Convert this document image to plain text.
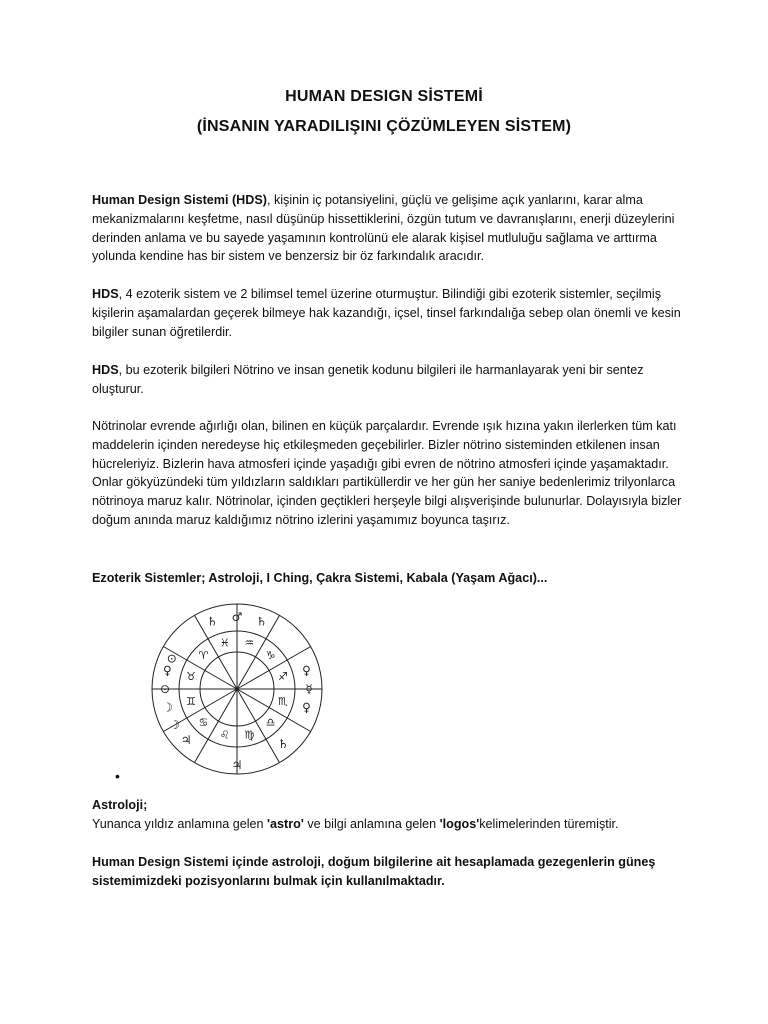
HUMAN DESIGN SİSTEMİ
(İNSANIN YARADILIŞINI ÇÖZÜMLEYEN SİSTEM)
Human Design Sistemi (HDS), kişinin iç potansiyelini, güçlü ve gelişime açık yanlarını, karar alma mekanizmalarını keşfetme, nasıl düşünüp hissettiklerini, özgün tutum ve davranışlarını, enerji düzeylerini derinden anlama ve bu sayede yaşamının kontrolünü ele alarak kişisel mutluluğu sağlama ve arttırma yolunda kendine has bir sistem ve benzersiz bir öz farkındalık aracıdır.
HDS, 4 ezoterik sistem ve 2 bilimsel temel üzerine oturmuştur. Bilindiği gibi ezoterik sistemler, seçilmiş kişilerin aşamalardan geçerek bilmeye hak kazandığı, içsel, tinsel farkındalığa sebep olan önemli ve kesin bilgiler sunan öğretilerdir.
HDS, bu ezoterik bilgileri Nötrino ve insan genetik kodunu bilgileri ile harmanlayarak yeni bir sentez oluşturur.
Nötrinolar evrende ağırlığı olan, bilinen en küçük parçalardır. Evrende ışık hızına yakın ilerlerken tüm katı maddelerin içinden neredeyse hiç etkileşmeden geçebilirler. Bizler nötrino sisteminden etkilenen insan hücreleriyiz. Bizlerin hava atmosferi içinde yaşadığı gibi evren de nötrino atmosferi içinde yaşamaktadır. Onlar gökyüzündeki tüm yıldızların saldıkları partiküllerdir ve her gün her saniye bedenlerimiz trilyonlarca nötrinoya maruz kalır. Nötrinolar, içinden geçtikleri herşeyle bilgi alışverişinde bulunurlar. Dolayısıyla bizler doğum anında maruz kaldığımız nötrino izlerini yaşamımız boyunca taşırız.
Ezoterik Sistemler; Astroloji, I Ching, Çakra Sistemi, Kabala (Yaşam Ağacı)...
♒
♑
♐
♏
♎
♍
♌
♋
♊
♉
♈
♓
♂
♄	♄
⊙
♀
☿
♀
♀
☽
♃
☽
⊙
♃
♄
•
Astroloji;
Yunanca yıldız anlamına gelen 'astro' ve bilgi anlamına gelen 'logos'kelimelerinden türemiştir.
Human Design Sistemi içinde astroloji, doğum bilgilerine ait hesaplamada gezegenlerin güneş sistemimizdeki pozisyonlarını bulmak için kullanılmaktadır.
